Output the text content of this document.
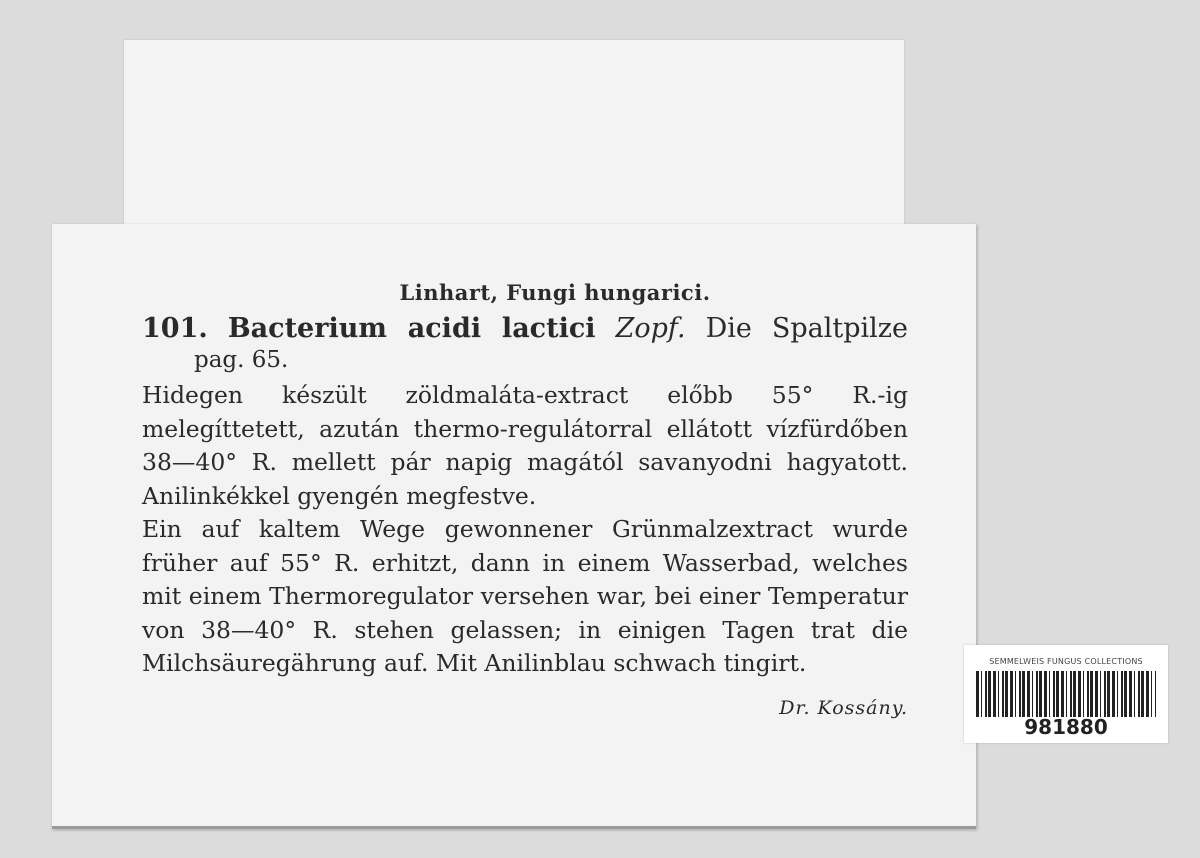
Linhart, Fungi hungarici.

101. Bacterium acidi lactici Zopf. Die Spaltpilze

pag. 65.

Hidegen készült zöldmaláta-extract előbb 55° R.-ig melegíttetett, azután thermo-regulátorral ellátott vízfürdőben 38—40° R. mellett pár napig magától savanyodni hagyatott. Anilinkékkel gyengén megfestve.

Ein auf kaltem Wege gewonnener Grünmalzextract wurde früher auf 55° R. erhitzt, dann in einem Wasserbad, welches mit einem Thermoregulator versehen war, bei einer Temperatur von 38—40° R. stehen gelassen; in einigen Tagen trat die Milchsäuregährung auf. Mit Anilinblau schwach tingirt.

Dr. Kossány.

SEMMELWEIS FUNGUS COLLECTIONS
981880
